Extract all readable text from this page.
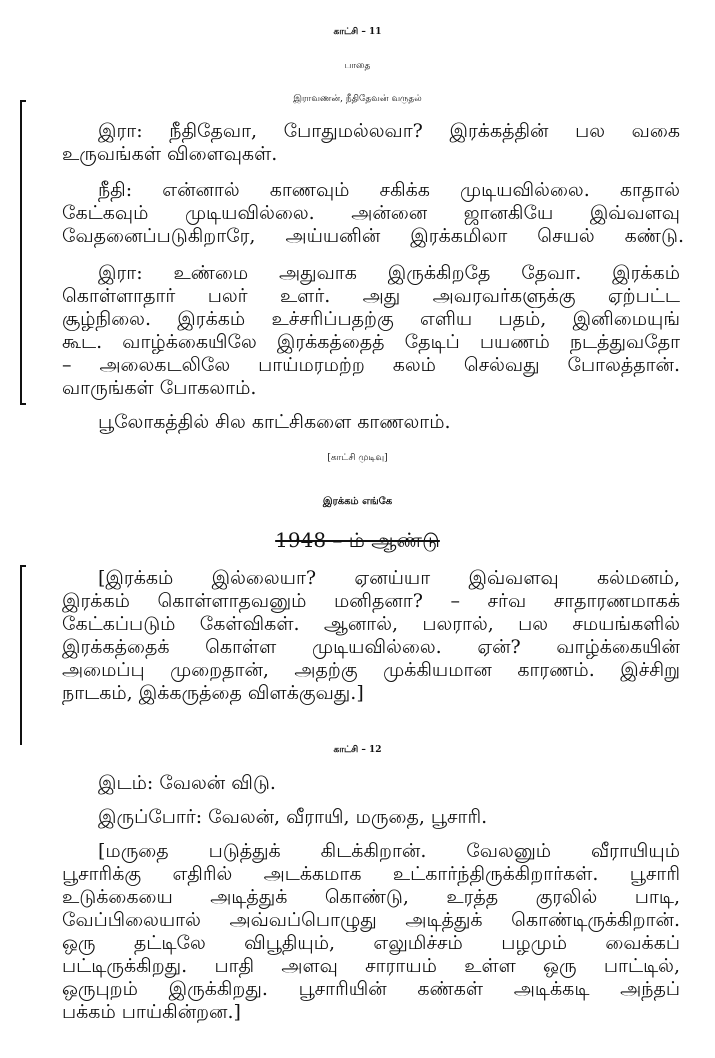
காட்சி – 11
பாதை
இராவணன், நீதிதேவன் வருதல்
இரா: நீதிதேவா, போதுமல்லவா? இரக்கத்தின் பல வகை
உருவங்கள் விளைவுகள்.
நீதி: என்னால் காணவும் சகிக்க முடியவில்லை. காதால்
கேட்கவும் முடியவில்லை. அன்னை ஜானகியே இவ்வளவு
வேதனைப்படுகிறாரே, அய்யனின் இரக்கமிலா செயல் கண்டு.
இரா: உண்மை அதுவாக இருக்கிறதே தேவா. இரக்கம்
கொள்ளாதார் பலர் உளர். அது அவரவர்களுக்கு ஏற்பட்ட
சூழ்நிலை. இரக்கம் உச்சரிப்பதற்கு எளிய பதம், இனிமையுங்
கூட. வாழ்க்கையிலே இரக்கத்தைத் தேடிப் பயணம் நடத்துவதோ
– அலைகடலிலே பாய்மரமற்ற கலம் செல்வது போலத்தான்.
வாருங்கள் போகலாம்.
பூலோகத்தில் சில காட்சிகளை காணலாம்.
[காட்சி முடிவு]
இரக்கம் எங்கே
1948 – ம் ஆண்டு
[இரக்கம் இல்லையா? ஏனய்யா இவ்வளவு கல்மனம்,
இரக்கம் கொள்ளாதவனும் மனிதனா? – சர்வ சாதாரணமாகக்
கேட்கப்படும் கேள்விகள். ஆனால், பலரால், பல சமயங்களில்
இரக்கத்தைக் கொள்ள முடியவில்லை. ஏன்? வாழ்க்கையின்
அமைப்பு முறைதான், அதற்கு முக்கியமான காரணம். இச்சிறு
நாடகம், இக்கருத்தை விளக்குவது.]
காட்சி – 12
இடம்: வேலன் விடு.
இருப்போர்: வேலன், வீராயி, மருதை, பூசாரி.
[மருதை படுத்துக் கிடக்கிறான். வேலனும் வீராயியும்
பூசாரிக்கு எதிரில் அடக்கமாக உட்கார்ந்திருக்கிறார்கள். பூசாரி
உடுக்கையை அடித்துக் கொண்டு, உரத்த குரலில் பாடி,
வேப்பிலையால் அவ்வப்பொழுது அடித்துக் கொண்டிருக்கிறான்.
ஒரு தட்டிலே விபூதியும், எலுமிச்சம் பழமும் வைக்கப்
பட்டிருக்கிறது. பாதி அளவு சாராயம் உள்ள ஒரு பாட்டில்,
ஒருபுறம் இருக்கிறது. பூசாரியின் கண்கள் அடிக்கடி அந்தப்
பக்கம் பாய்கின்றன.]
